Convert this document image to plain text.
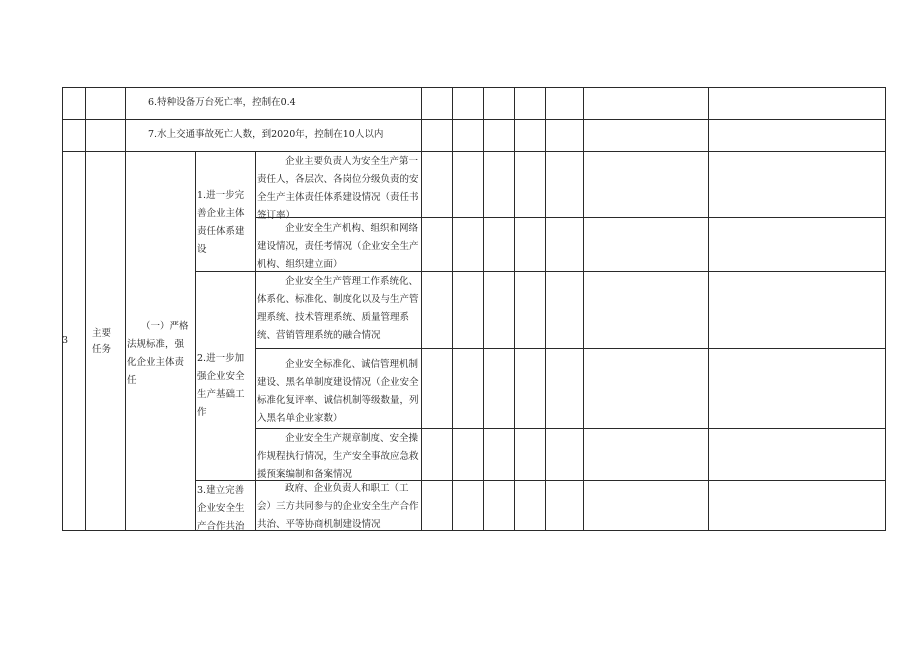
6.特种设备万台死亡率，控制在0.4
7.水上交通事故死亡人数，到2020年，控制在10人以内
3
主要任务
（一）严格法规标准，强化企业主体责任
1.进一步完善企业主体责任体系建设
2.进一步加强企业安全生产基础工作
3.建立完善企业安全生产合作共治
企业主要负责人为安全生产第一责任人，各层次、各岗位分级负责的安全生产主体责任体系建设情况（责任书签订率）
企业安全生产机构、组织和网络建设情况，责任考情况（企业安全生产机构、组织建立面）
企业安全生产管理工作系统化、体系化、标准化、制度化以及与生产管理系统、技术管理系统、质量管理系统、营销管理系统的融合情况
企业安全标准化、诚信管理机制建设、黑名单制度建设情况（企业安全标准化复评率、诚信机制等级数量，列入黑名单企业家数）
企业安全生产规章制度、安全操作规程执行情况，生产安全事故应急救援预案编制和备案情况
政府、企业负责人和职工（工会）三方共同参与的企业安全生产合作共治、平等协商机制建设情况
